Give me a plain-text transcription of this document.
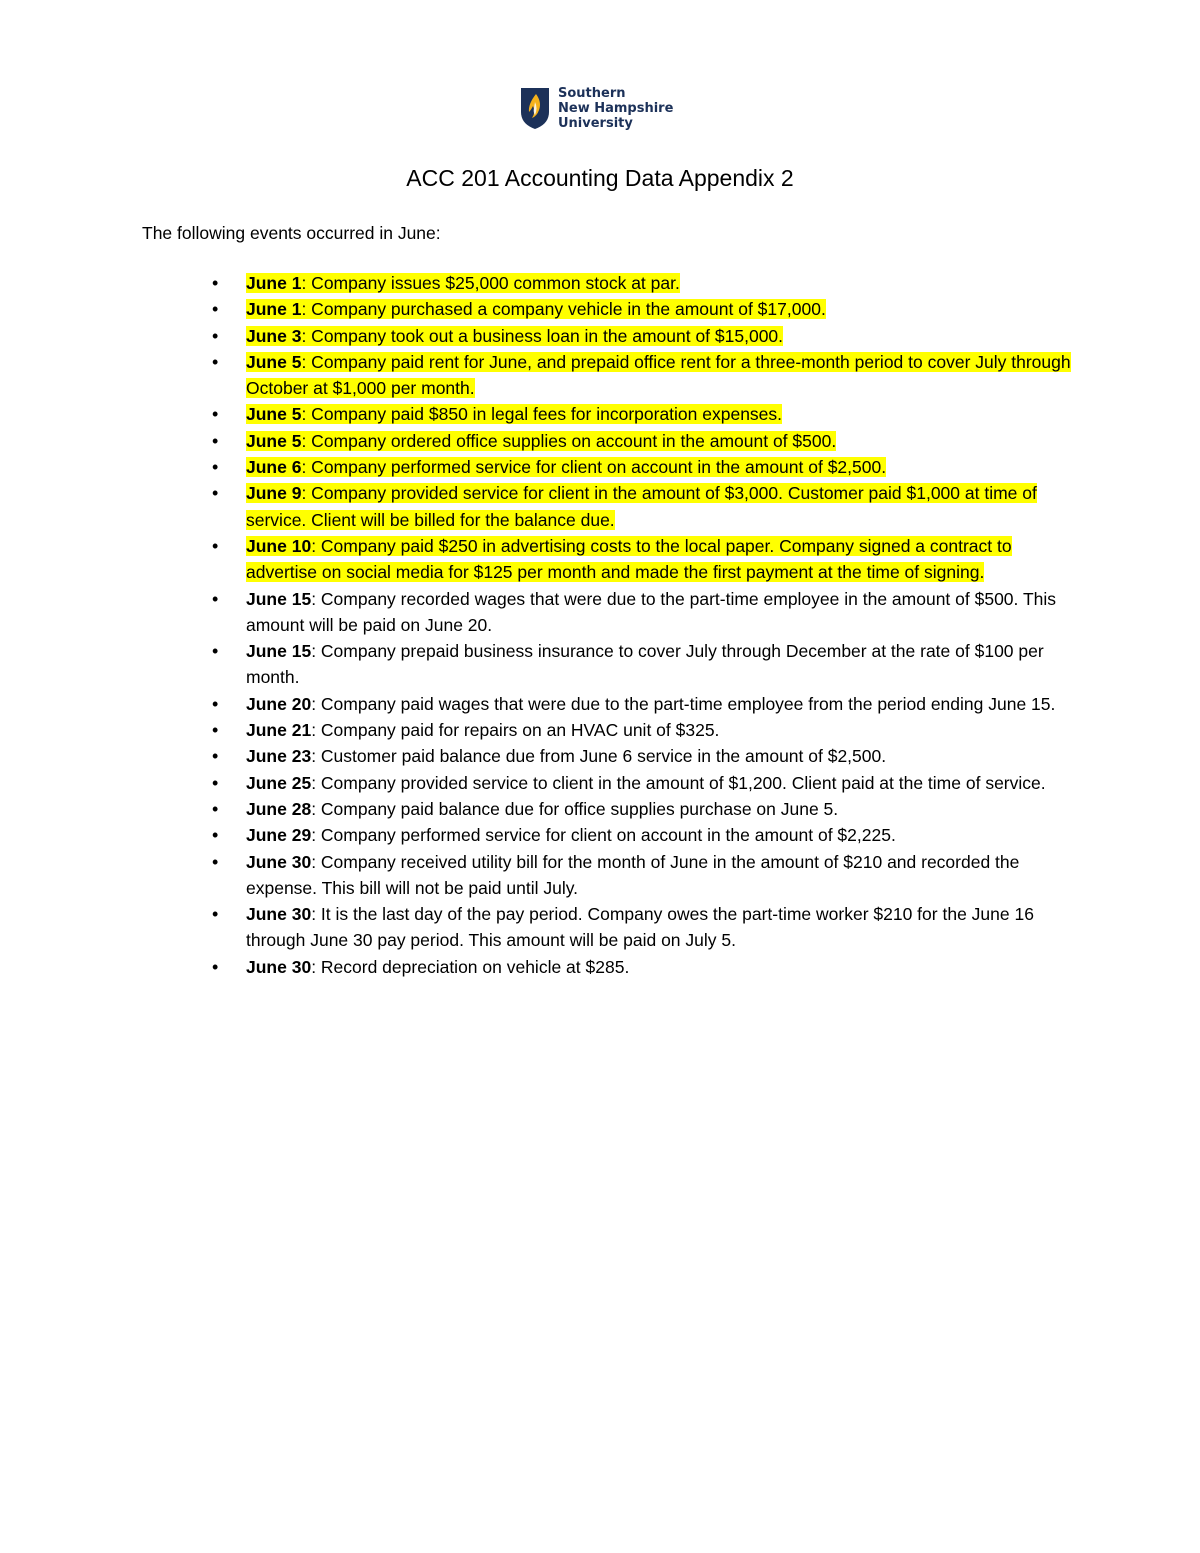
Southern
New Hampshire
University
ACC 201 Accounting Data Appendix 2
The following events occurred in June:
•	June 1: Company issues $25,000 common stock at par.
•	June 1: Company purchased a company vehicle in the amount of $17,000.
•	June 3: Company took out a business loan in the amount of $15,000.
•	June 5: Company paid rent for June, and prepaid office rent for a three-month period to cover July through October at $1,000 per month.
•	June 5: Company paid $850 in legal fees for incorporation expenses.
•	June 5: Company ordered office supplies on account in the amount of $500.
•	June 6: Company performed service for client on account in the amount of $2,500.
•	June 9: Company provided service for client in the amount of $3,000. Customer paid $1,000 at time of service. Client will be billed for the balance due.
•	June 10: Company paid $250 in advertising costs to the local paper. Company signed a contract to advertise on social media for $125 per month and made the first payment at the time of signing.
•	June 15: Company recorded wages that were due to the part-time employee in the amount of $500. This amount will be paid on June 20.
•	June 15: Company prepaid business insurance to cover July through December at the rate of $100 per month.
•	June 20: Company paid wages that were due to the part-time employee from the period ending June 15.
•	June 21: Company paid for repairs on an HVAC unit of $325.
•	June 23: Customer paid balance due from June 6 service in the amount of $2,500.
•	June 25: Company provided service to client in the amount of $1,200. Client paid at the time of service.
•	June 28: Company paid balance due for office supplies purchase on June 5.
•	June 29: Company performed service for client on account in the amount of $2,225.
•	June 30: Company received utility bill for the month of June in the amount of $210 and recorded the expense. This bill will not be paid until July.
•	June 30: It is the last day of the pay period. Company owes the part-time worker $210 for the June 16 through June 30 pay period. This amount will be paid on July 5.
•	June 30: Record depreciation on vehicle at $285.
